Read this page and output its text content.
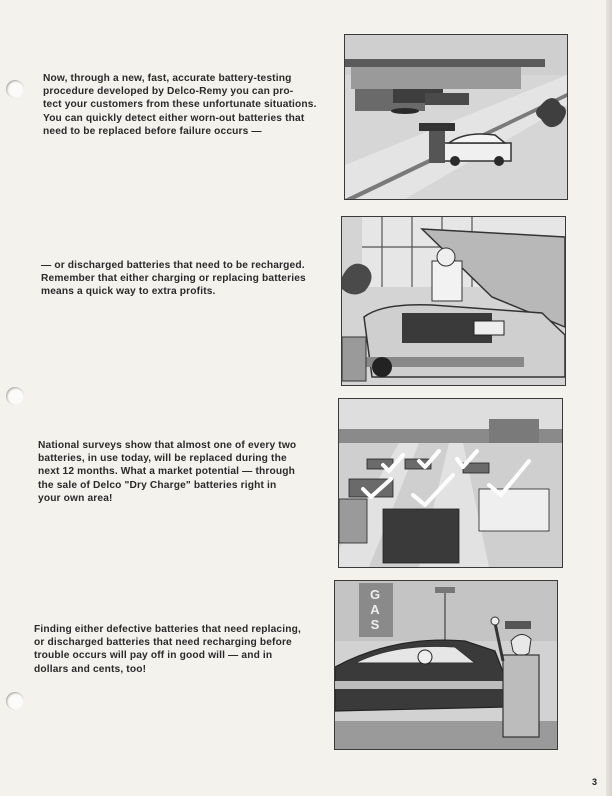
Now, through a new, fast, accurate battery-testing
procedure developed by Delco-Remy you can pro-
tect your customers from these unfortunate situations.
You can quickly detect either worn-out batteries that
need to be replaced before failure occurs —

— or discharged batteries that need to be recharged.
Remember that either charging or replacing batteries
means a quick way to extra profits.

National surveys show that almost one of every two
batteries, in use today, will be replaced during the
next 12 months. What a market potential — through
the sale of Delco "Dry Charge" batteries right in
your own area!

Finding either defective batteries that need replacing,
or discharged batteries that need recharging before
trouble occurs will pay off in good will — and in
dollars and cents, too!

GAS
3
